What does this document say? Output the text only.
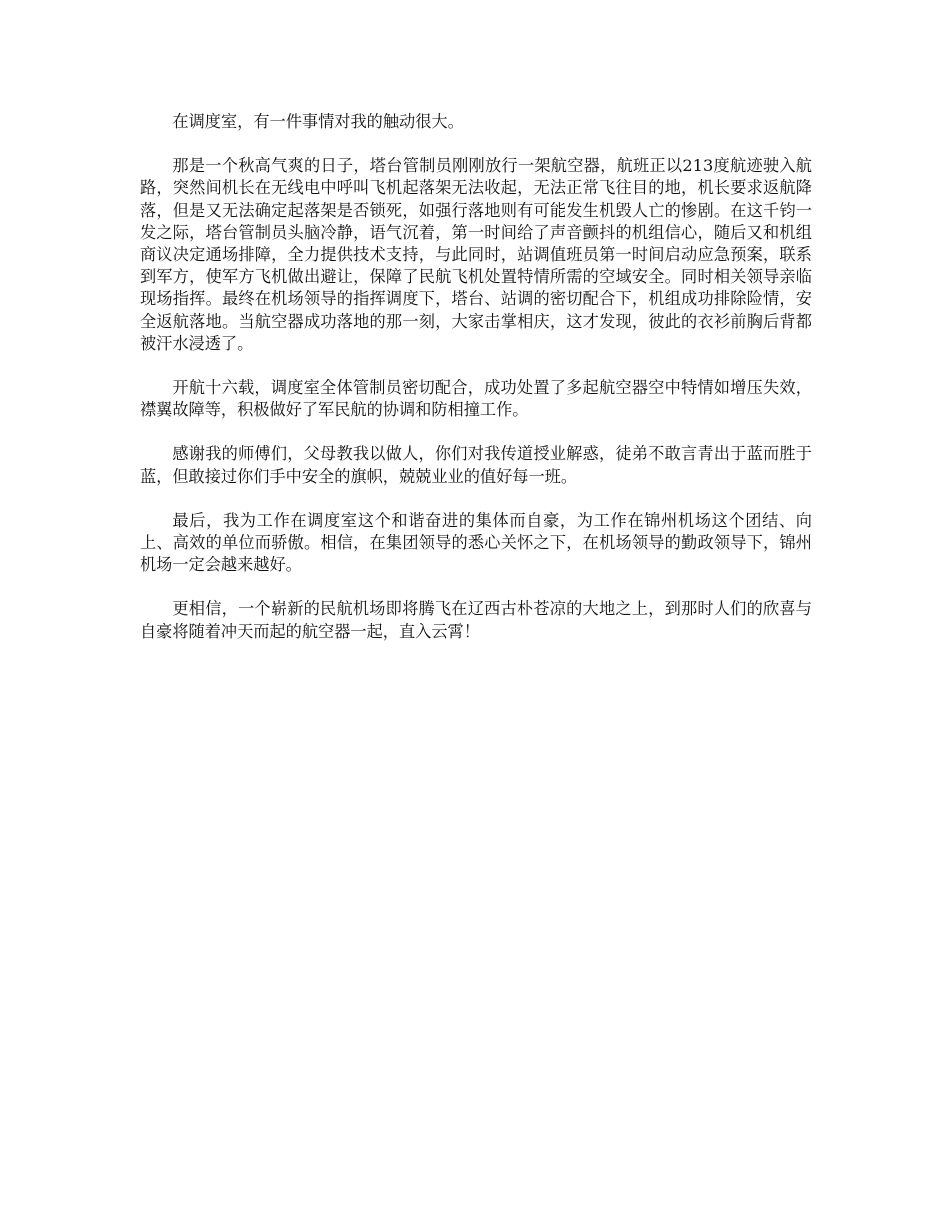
在调度室，有一件事情对我的触动很大。

那是一个秋高气爽的日子，塔台管制员刚刚放行一架航空器，航班正以213度航迹驶入航路，突然间机长在无线电中呼叫飞机起落架无法收起，无法正常飞往目的地，机长要求返航降落，但是又无法确定起落架是否锁死，如强行落地则有可能发生机毁人亡的惨剧。在这千钧一发之际，塔台管制员头脑冷静，语气沉着，第一时间给了声音颤抖的机组信心，随后又和机组商议决定通场排障，全力提供技术支持，与此同时，站调值班员第一时间启动应急预案，联系到军方，使军方飞机做出避让，保障了民航飞机处置特情所需的空域安全。同时相关领导亲临现场指挥。最终在机场领导的指挥调度下，塔台、站调的密切配合下，机组成功排除险情，安全返航落地。当航空器成功落地的那一刻，大家击掌相庆，这才发现，彼此的衣衫前胸后背都被汗水浸透了。

开航十六载，调度室全体管制员密切配合，成功处置了多起航空器空中特情如增压失效，襟翼故障等，积极做好了军民航的协调和防相撞工作。

感谢我的师傅们，父母教我以做人，你们对我传道授业解惑，徒弟不敢言青出于蓝而胜于蓝，但敢接过你们手中安全的旗帜，兢兢业业的值好每一班。

最后，我为工作在调度室这个和谐奋进的集体而自豪，为工作在锦州机场这个团结、向上、高效的单位而骄傲。相信，在集团领导的悉心关怀之下，在机场领导的勤政领导下，锦州机场一定会越来越好。

更相信，一个崭新的民航机场即将腾飞在辽西古朴苍凉的大地之上，到那时人们的欣喜与自豪将随着冲天而起的航空器一起，直入云霄！
